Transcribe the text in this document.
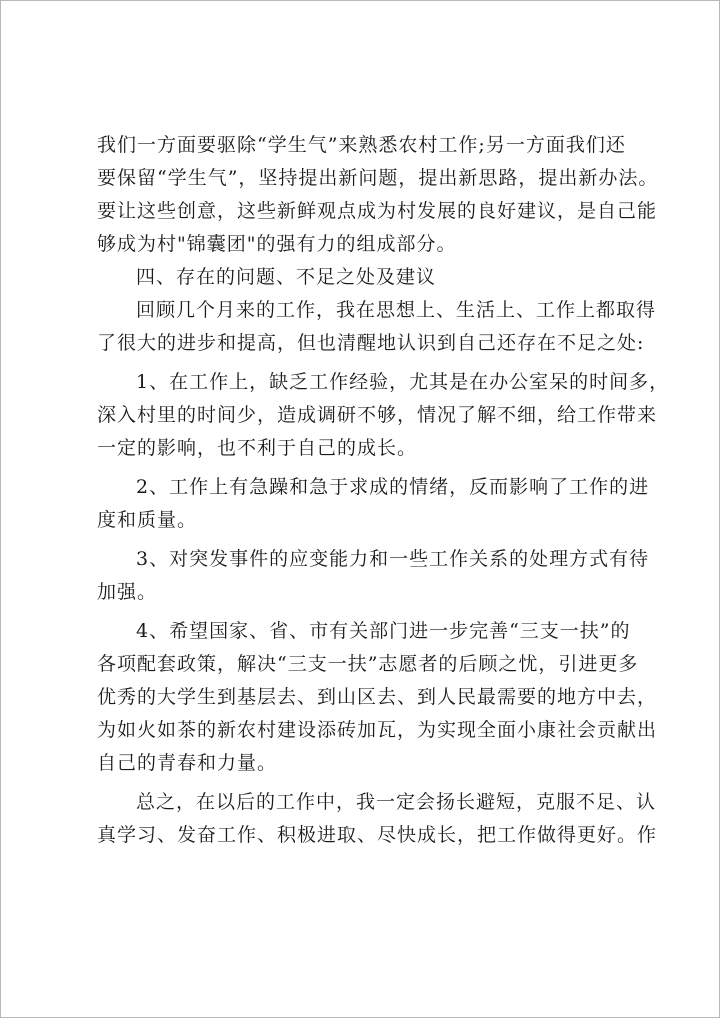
我们一方面要驱除“学生气”来熟悉农村工作;另一方面我们还
要保留“学生气”，坚持提出新问题，提出新思路，提出新办法。
要让这些创意，这些新鲜观点成为村发展的良好建议，是自己能
够成为村"锦囊团"的强有力的组成部分。
四、存在的问题、不足之处及建议
回顾几个月来的工作，我在思想上、生活上、工作上都取得
了很大的进步和提高，但也清醒地认识到自己还存在不足之处:
1、在工作上，缺乏工作经验，尤其是在办公室呆的时间多，
深入村里的时间少，造成调研不够，情况了解不细，给工作带来
一定的影响，也不利于自己的成长。
2、工作上有急躁和急于求成的情绪，反而影响了工作的进
度和质量。
3、对突发事件的应变能力和一些工作关系的处理方式有待
加强。
4、希望国家、省、市有关部门进一步完善“三支一扶”的
各项配套政策，解决“三支一扶”志愿者的后顾之忧，引进更多
优秀的大学生到基层去、到山区去、到人民最需要的地方中去，
为如火如茶的新农村建设添砖加瓦，为实现全面小康社会贡献出
自己的青春和力量。
总之，在以后的工作中，我一定会扬长避短，克服不足、认
真学习、发奋工作、积极进取、尽快成长，把工作做得更好。作
